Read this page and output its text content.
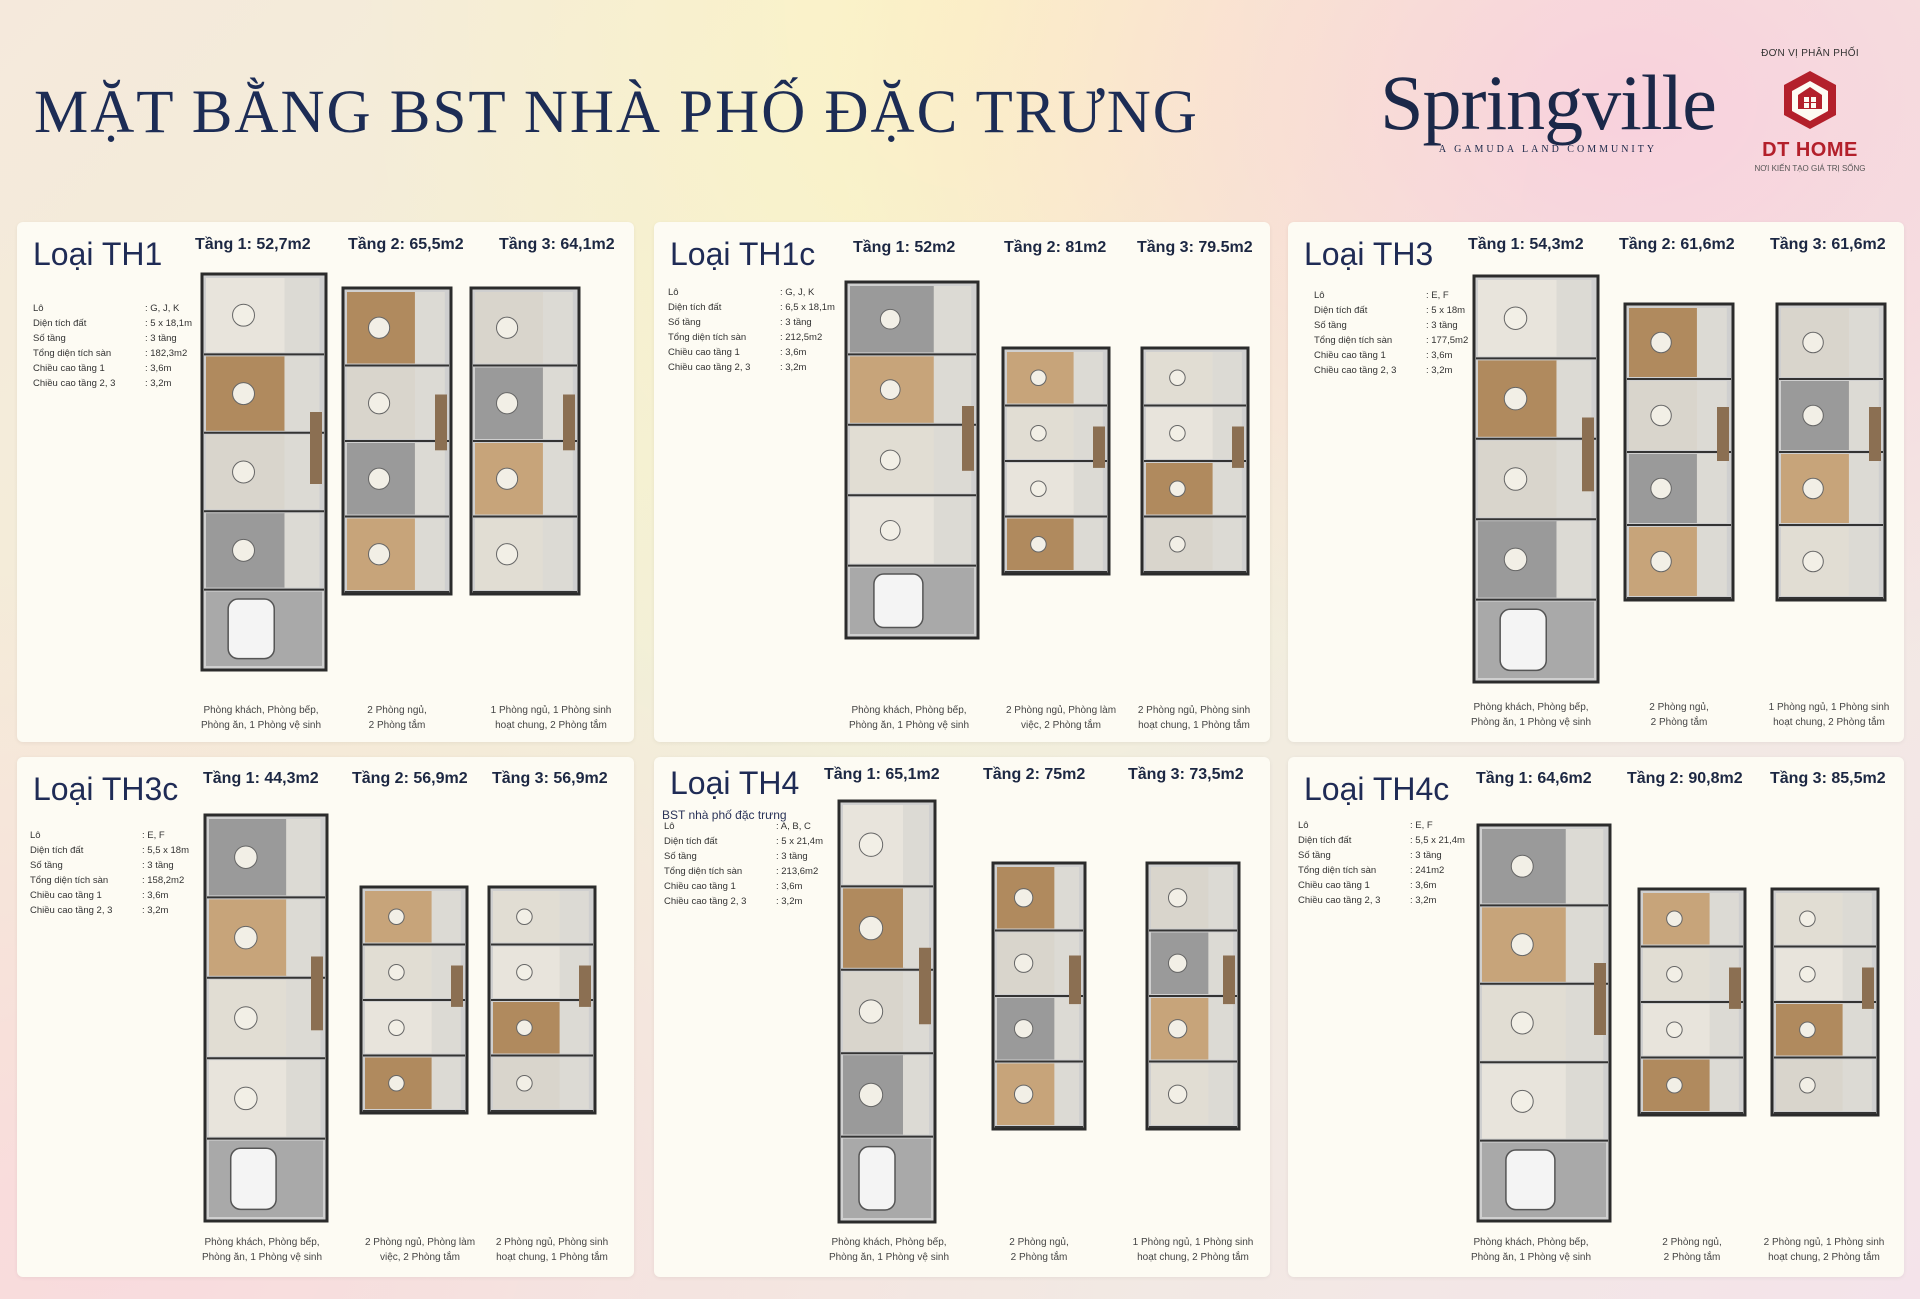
MẶT BẰNG BST NHÀ PHỐ ĐẶC TRƯNG Springville
A GAMUDA LAND COMMUNITY
ĐƠN VỊ PHÂN PHỐI
DT HOME
NƠI KIẾN TẠO GIÁ TRỊ SỐNG
Loại TH1 Tầng 1: 52,7m2 Tầng 2: 65,5m2 Tầng 3: 64,1m2
Lô	: G, J, K
Diện tích đất	: 5 x 18,1m
Số tầng	: 3 tầng
Tổng diện tích sàn	: 182,3m2
Chiều cao tầng 1	: 3,6m
Chiều cao tầng 2, 3	: 3,2m
Phòng khách, Phòng bếp,
Phòng ăn, 1 Phòng vệ sinh
2 Phòng ngủ,
2 Phòng tắm
1 Phòng ngủ, 1 Phòng sinh
hoạt chung, 2 Phòng tắm
Loại TH1c Tầng 1: 52m2	Tầng 2: 81m2 Tầng 3: 79.5m2
Lô	: G, J, K
Diện tích đất	: 6,5 x 18,1m
Số tầng	: 3 tầng
Tổng diện tích sàn	: 212,5m2
Chiều cao tầng 1	: 3,6m
Chiều cao tầng 2, 3	: 3,2m
Phòng khách, Phòng bếp,
Phòng ăn, 1 Phòng vệ sinh
2 Phòng ngủ, Phòng làm
việc, 2 Phòng tắm
2 Phòng ngủ, Phòng sinh
hoạt chung, 1 Phòng tắm
Loại TH3 Tầng 1: 54,3m2 Tầng 2: 61,6m2 Tầng 3: 61,6m2
Lô	: E, F
Diện tích đất	: 5 x 18m
Số tầng	: 3 tầng
Tổng diện tích sàn	: 177,5m2
Chiều cao tầng 1	: 3,6m
Chiều cao tầng 2, 3	: 3,2m
Phòng khách, Phòng bếp,
Phòng ăn, 1 Phòng vệ sinh
2 Phòng ngủ,
2 Phòng tắm
1 Phòng ngủ, 1 Phòng sinh
hoạt chung, 2 Phòng tắm
Loại TH3c Tầng 1: 44,3m2 Tầng 2: 56,9m2 Tầng 3: 56,9m2
Lô	: E, F
Diện tích đất	: 5,5 x 18m
Số tầng	: 3 tầng
Tổng diện tích sàn	: 158,2m2
Chiều cao tầng 1	: 3,6m
Chiều cao tầng 2, 3	: 3,2m
Phòng khách, Phòng bếp,
Phòng ăn, 1 Phòng vệ sinh
2 Phòng ngủ, Phòng làm
việc, 2 Phòng tắm
2 Phòng ngủ, Phòng sinh
hoạt chung, 1 Phòng tắm
Loại TH4
BST nhà phố đặc trưng
Tầng 1: 65,1m2	Tầng 2: 75m2	Tầng 3: 73,5m2
Lô	: A, B, C
Diện tích đất	: 5 x 21,4m
Số tầng	: 3 tầng
Tổng diện tích sàn	: 213,6m2
Chiều cao tầng 1	: 3,6m
Chiều cao tầng 2, 3	: 3,2m
Phòng khách, Phòng bếp,
Phòng ăn, 1 Phòng vệ sinh
2 Phòng ngủ,
2 Phòng tắm
1 Phòng ngủ, 1 Phòng sinh
hoạt chung, 2 Phòng tắm
Loại TH4c Tầng 1: 64,6m2 Tầng 2: 90,8m2 Tầng 3: 85,5m2
Lô	: E, F
Diện tích đất	: 5,5 x 21,4m
Số tầng	: 3 tầng
Tổng diện tích sàn	: 241m2
Chiều cao tầng 1	: 3,6m
Chiều cao tầng 2, 3	: 3,2m
Phòng khách, Phòng bếp,
Phòng ăn, 1 Phòng vệ sinh
2 Phòng ngủ,
2 Phòng tắm
2 Phòng ngủ, 1 Phòng sinh
hoạt chung, 2 Phòng tắm
